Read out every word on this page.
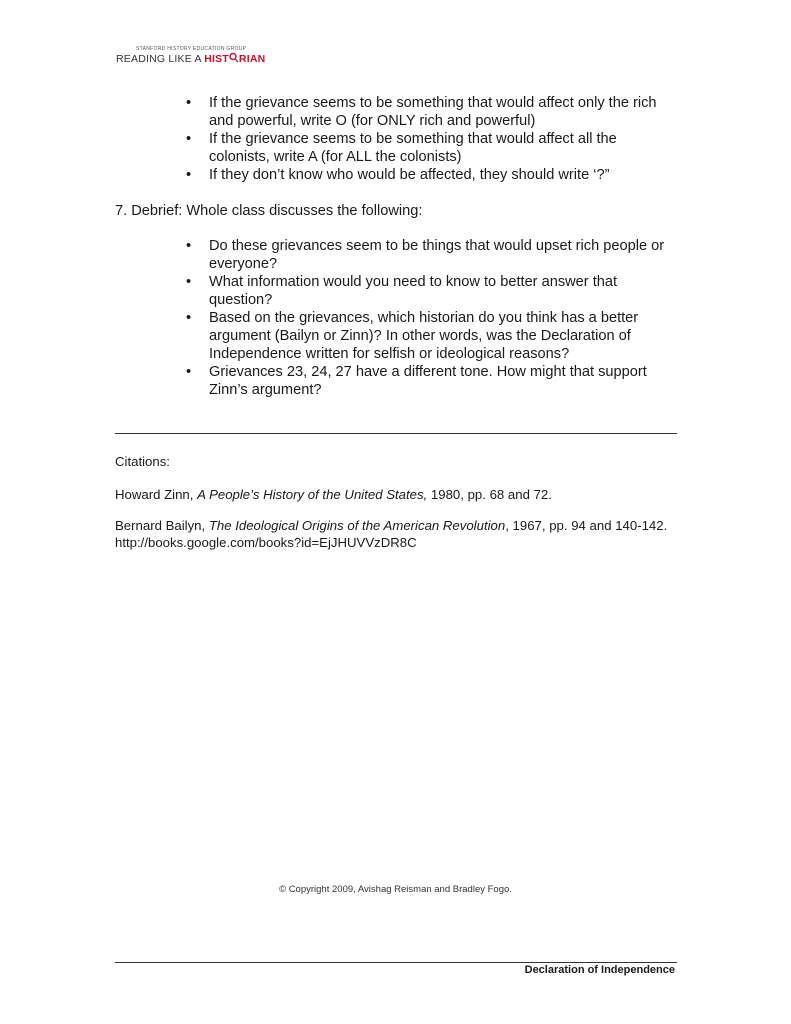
STANFORD HISTORY EDUCATION GROUP
READING LIKE A HIST RIAN
• If the grievance seems to be something that would affect only the rich and powerful, write O (for ONLY rich and powerful)
• If the grievance seems to be something that would affect all the colonists, write A (for ALL the colonists)
• If they don’t know who would be affected, they should write ‘?”
7. Debrief: Whole class discusses the following:
• Do these grievances seem to be things that would upset rich people or everyone?
• What information would you need to know to better answer that question?
• Based on the grievances, which historian do you think has a better argument (Bailyn or Zinn)? In other words, was the Declaration of Independence written for selfish or ideological reasons?
• Grievances 23, 24, 27 have a different tone. How might that support Zinn’s argument?

Citations:

Howard Zinn, A People’s History of the United States, 1980, pp. 68 and 72.

Bernard Bailyn, The Ideological Origins of the American Revolution, 1967, pp. 94 and 140-142. http://books.google.com/books?id=EjJHUVVzDR8C

© Copyright 2009, Avishag Reisman and Bradley Fogo.
Declaration of Independence
